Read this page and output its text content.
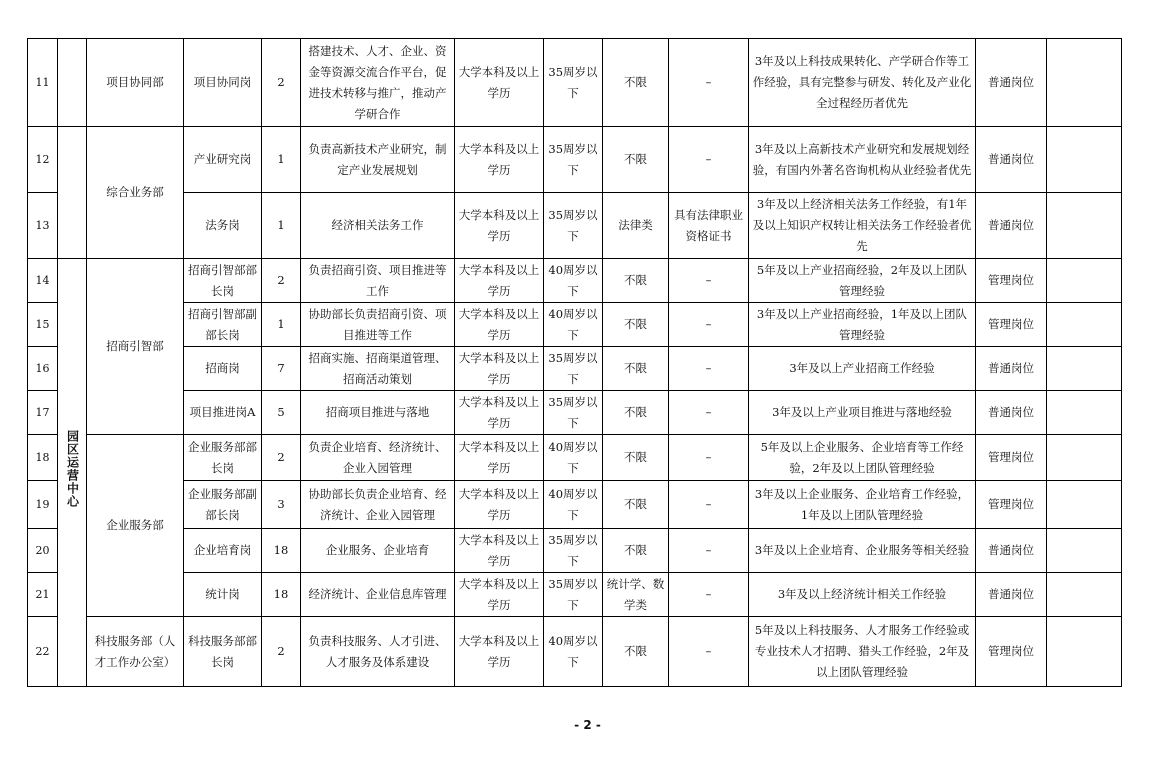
11		项目协同部	项目协同岗	2	搭建技术、人才、企业、资金等资源交流合作平台，促进技术转移与推广，推动产学研合作	大学本科及以上学历	35周岁以下	不限	–	3年及以上科技成果转化、产学研合作等工作经验，具有完整参与研发、转化及产业化全过程经历者优先	普通岗位	
12		综合业务部	产业研究岗	1	负责高新技术产业研究，制定产业发展规划	大学本科及以上学历	35周岁以下	不限	–	3年及以上高新技术产业研究和发展规划经验，有国内外著名咨询机构从业经验者优先	普通岗位	
13			法务岗	1	经济相关法务工作	大学本科及以上学历	35周岁以下	法律类	具有法律职业资格证书	3年及以上经济相关法务工作经验，有1年及以上知识产权转让相关法务工作经验者优先	普通岗位	
14	园区运营中心	招商引智部	招商引智部部长岗	2	负责招商引资、项目推进等工作	大学本科及以上学历	40周岁以下	不限	–	5年及以上产业招商经验，2年及以上团队管理经验	管理岗位	
15			招商引智部副部长岗	1	协助部长负责招商引资、项目推进等工作	大学本科及以上学历	40周岁以下	不限	–	3年及以上产业招商经验，1年及以上团队管理经验	管理岗位	
16			招商岗	7	招商实施、招商渠道管理、招商活动策划	大学本科及以上学历	35周岁以下	不限	–	3年及以上产业招商工作经验	普通岗位	
17			项目推进岗A	5	招商项目推进与落地	大学本科及以上学历	35周岁以下	不限	–	3年及以上产业项目推进与落地经验	普通岗位	
18		企业服务部	企业服务部部长岗	2	负责企业培育、经济统计、企业入园管理	大学本科及以上学历	40周岁以下	不限	–	5年及以上企业服务、企业培育等工作经验，2年及以上团队管理经验	管理岗位	
19			企业服务部副部长岗	3	协助部长负责企业培育、经济统计、企业入园管理	大学本科及以上学历	40周岁以下	不限	–	3年及以上企业服务、企业培育工作经验，1年及以上团队管理经验	管理岗位	
20			企业培育岗	18	企业服务、企业培育	大学本科及以上学历	35周岁以下	不限	–	3年及以上企业培育、企业服务等相关经验	普通岗位	
21			统计岗	18	经济统计、企业信息库管理	大学本科及以上学历	35周岁以下	统计学、数学类	–	3年及以上经济统计相关工作经验	普通岗位	
22		科技服务部（人才工作办公室）	科技服务部部长岗	2	负责科技服务、人才引进、人才服务及体系建设	大学本科及以上学历	40周岁以下	不限	–	5年及以上科技服务、人才服务工作经验或专业技术人才招聘、猎头工作经验，2年及以上团队管理经验	管理岗位	
- 2 -
